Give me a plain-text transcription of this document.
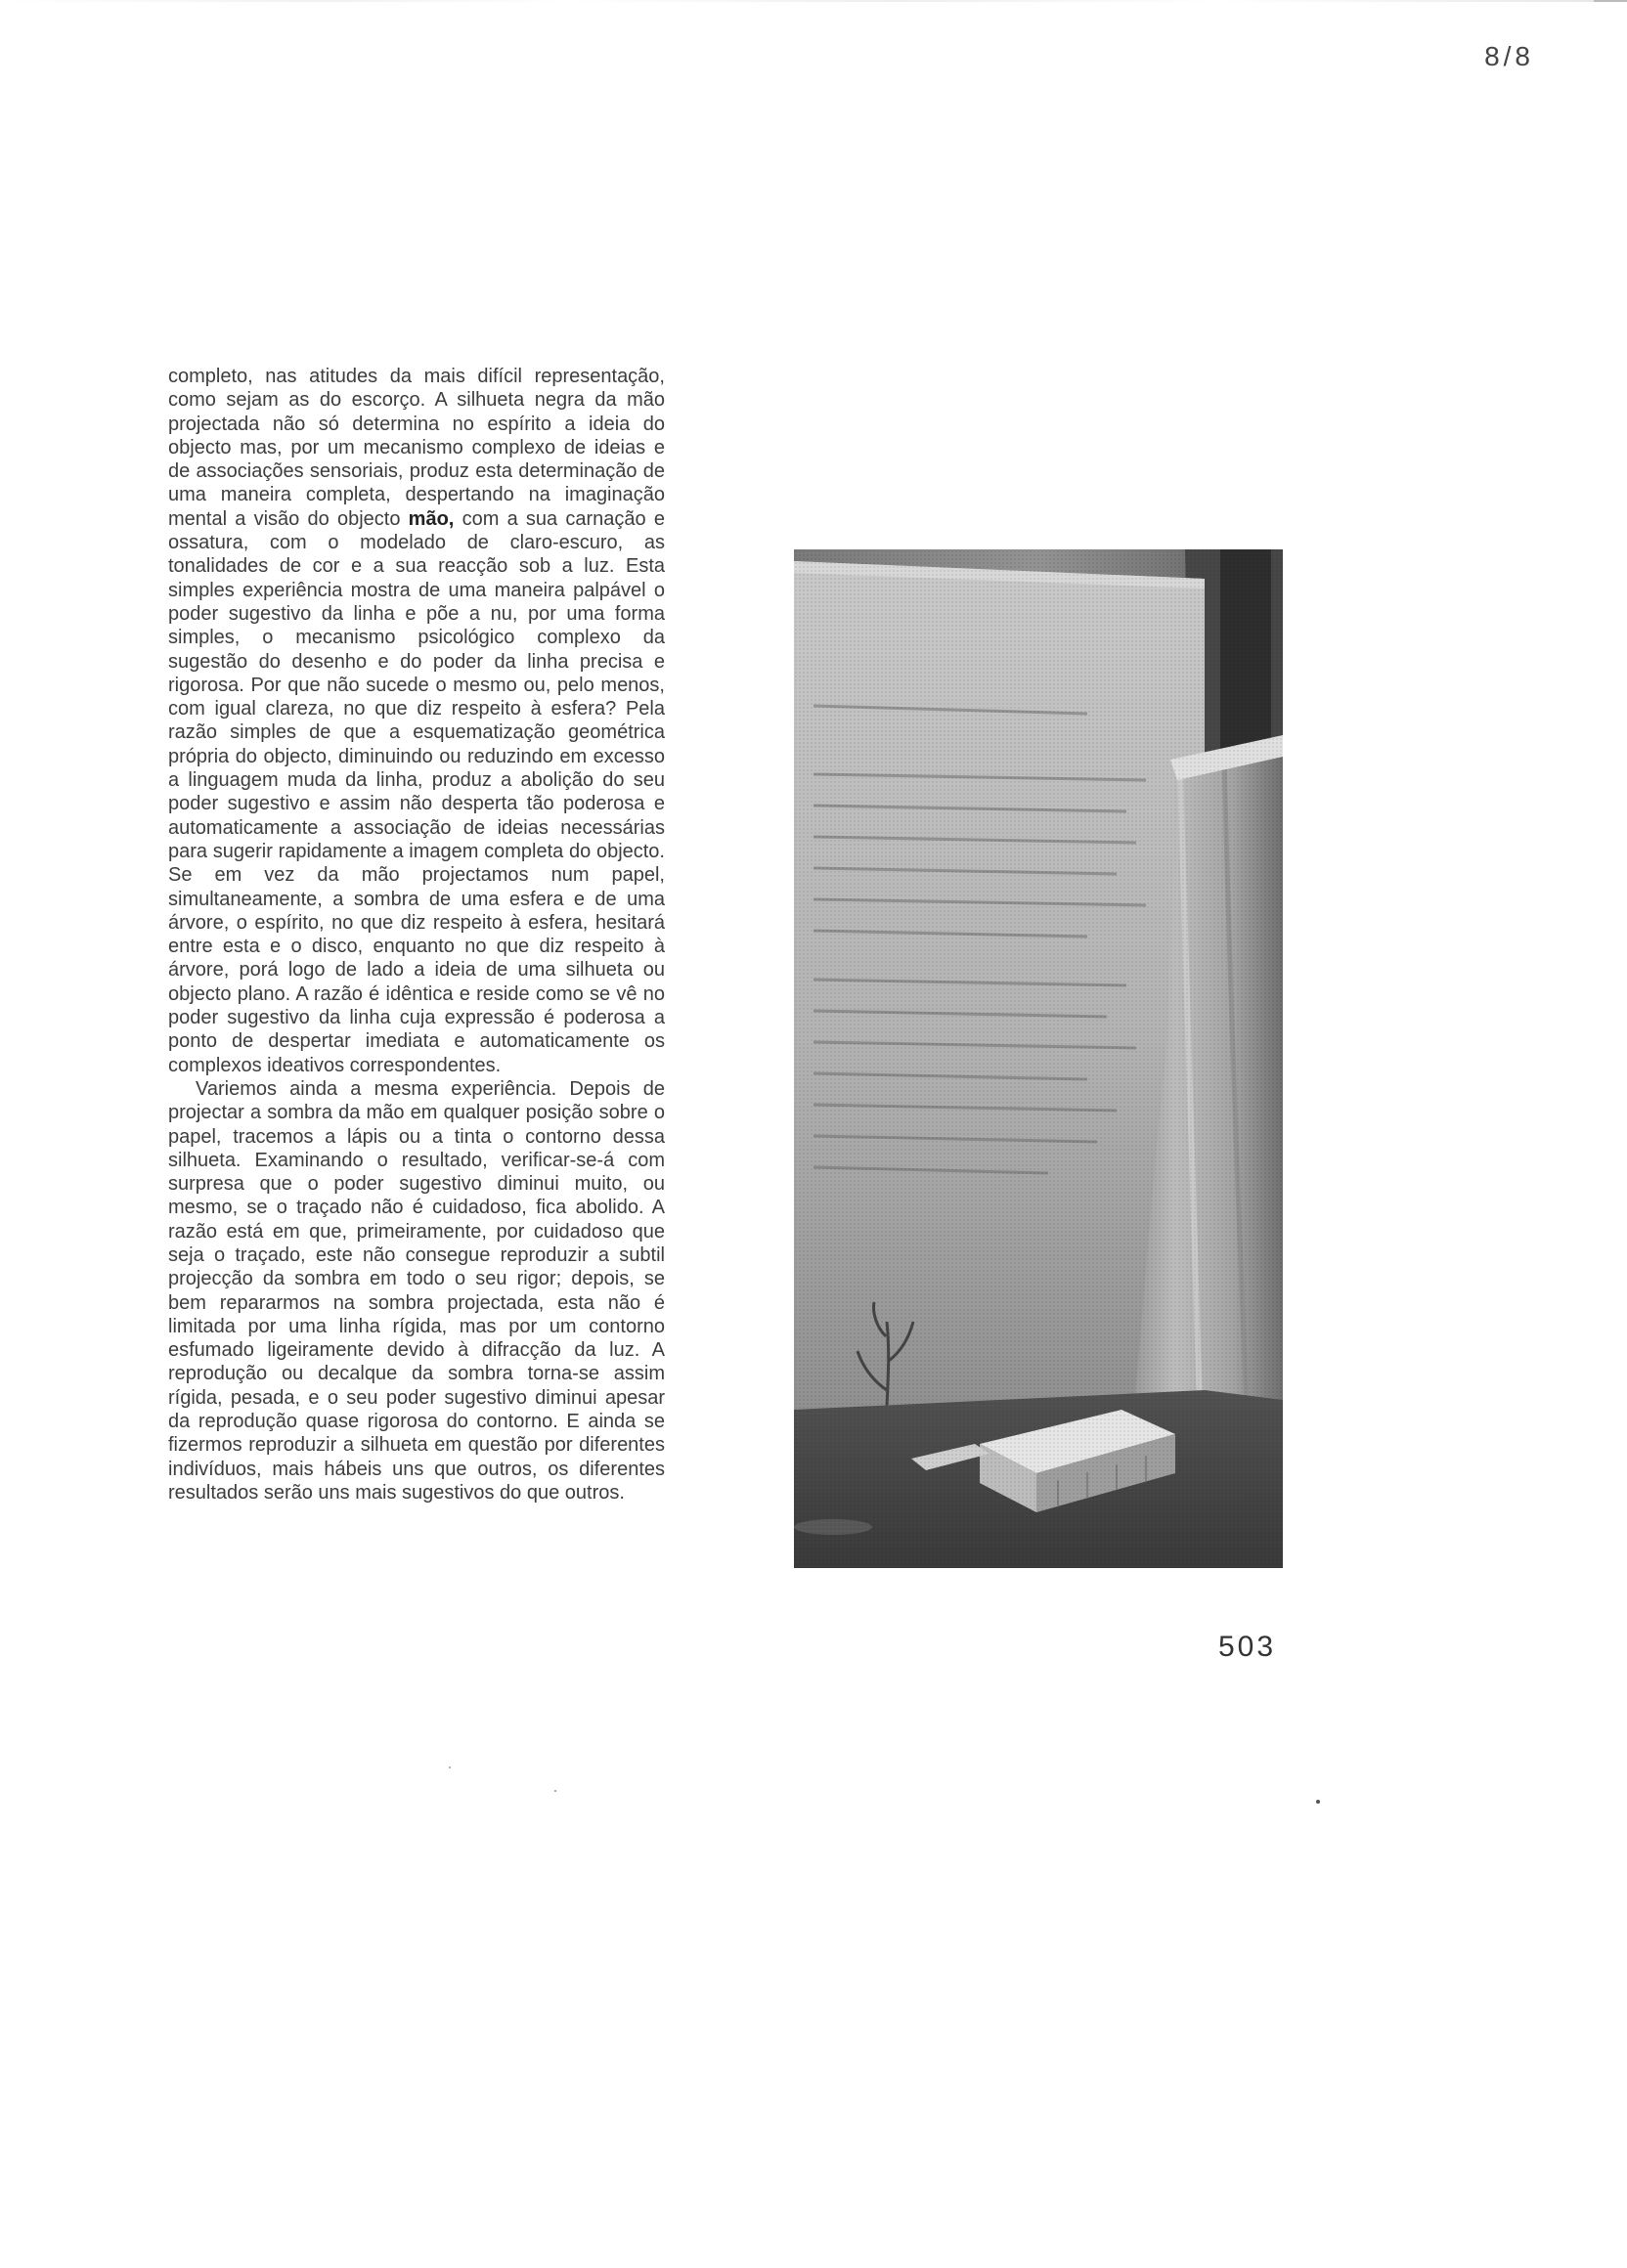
8/8

completo, nas atitudes da mais difícil representação, como sejam as do escorço. A silhueta negra da mão projectada não só determina no espírito a ideia do objecto mas, por um mecanismo complexo de ideias e de associações sensoriais, produz esta determinação de uma maneira completa, despertando na imaginação mental a visão do objecto mão, com a sua carnação e ossatura, com o modelado de claro-escuro, as tonalidades de cor e a sua reacção sob a luz. Esta simples experiência mostra de uma maneira palpável o poder sugestivo da linha e põe a nu, por uma forma simples, o mecanismo psicológico complexo da sugestão do desenho e do poder da linha precisa e rigorosa. Por que não sucede o mesmo ou, pelo menos, com igual clareza, no que diz respeito à esfera? Pela razão simples de que a esquematização geométrica própria do objecto, diminuindo ou reduzindo em excesso a linguagem muda da linha, produz a abolição do seu poder sugestivo e assim não desperta tão poderosa e automaticamente a associação de ideias necessárias para sugerir rapidamente a imagem completa do objecto. Se em vez da mão projectamos num papel, simultaneamente, a sombra de uma esfera e de uma árvore, o espírito, no que diz respeito à esfera, hesitará entre esta e o disco, enquanto no que diz respeito à árvore, porá logo de lado a ideia de uma silhueta ou objecto plano. A razão é idêntica e reside como se vê no poder sugestivo da linha cuja expressão é poderosa a ponto de despertar imediata e automaticamente os complexos ideativos correspondentes.

Variemos ainda a mesma experiência. Depois de projectar a sombra da mão em qualquer posição sobre o papel, tracemos a lápis ou a tinta o contorno dessa silhueta. Examinando o resultado, verificar-se-á com surpresa que o poder sugestivo diminui muito, ou mesmo, se o traçado não é cuidadoso, fica abolido. A razão está em que, primeiramente, por cuidadoso que seja o traçado, este não consegue reproduzir a subtil projecção da sombra em todo o seu rigor; depois, se bem repararmos na sombra projectada, esta não é limitada por uma linha rígida, mas por um contorno esfumado ligeiramente devido à difracção da luz. A reprodução ou decalque da sombra torna-se assim rígida, pesada, e o seu poder sugestivo diminui apesar da reprodução quase rigorosa do contorno. E ainda se fizermos reproduzir a silhueta em questão por diferentes indivíduos, mais hábeis uns que outros, os diferentes resultados serão uns mais sugestivos do que outros.

503
